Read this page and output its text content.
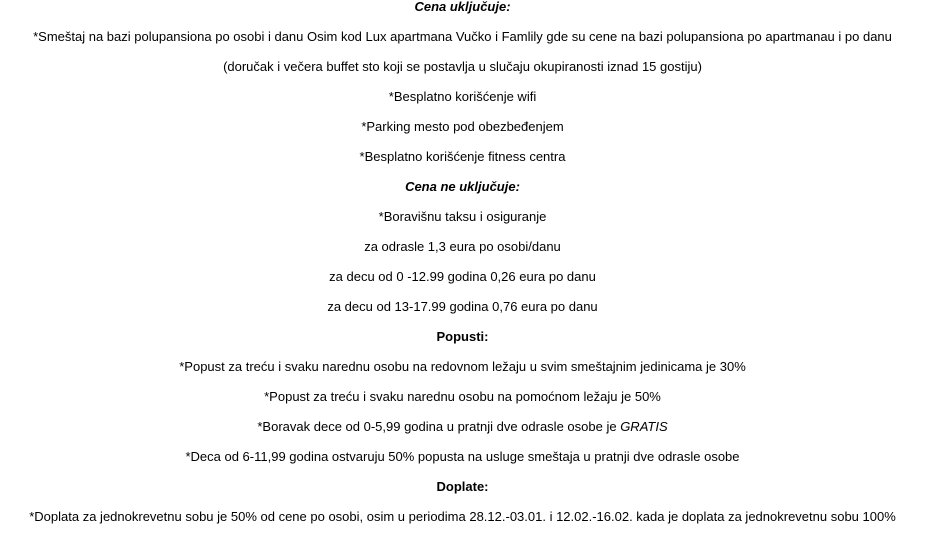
Cena uključuje:
*Smeštaj na bazi polupansiona po osobi i danu Osim kod Lux apartmana Vučko i Famlily gde su cene na bazi polupansiona po apartmanau i po danu
(doručak i večera buffet sto koji se postavlja u slučaju okupiranosti iznad 15 gostiju)
*Besplatno korišćenje wifi
*Parking mesto pod obezbeđenjem
*Besplatno korišćenje fitness centra
Cena ne uključuje:
*Boravišnu taksu i osiguranje
za odrasle 1,3 eura po osobi/danu
za decu od 0 -12.99 godina 0,26 eura po danu
za decu od 13-17.99 godina 0,76 eura po danu
Popusti:
*Popust za treću i svaku narednu osobu na redovnom ležaju u svim smeštajnim jedinicama je 30%
*Popust za treću i svaku narednu osobu na pomoćnom ležaju je 50%
*Boravak dece od 0-5,99 godina u pratnji dve odrasle osobe je GRATIS
*Deca od 6-11,99 godina ostvaruju 50% popusta na usluge smeštaja u pratnji dve odrasle osobe
Doplate:
*Doplata za jednokrevetnu sobu je 50% od cene po osobi, osim u periodima 28.12.-03.01. i 12.02.-16.02. kada je doplata za jednokrevetnu sobu 100%
